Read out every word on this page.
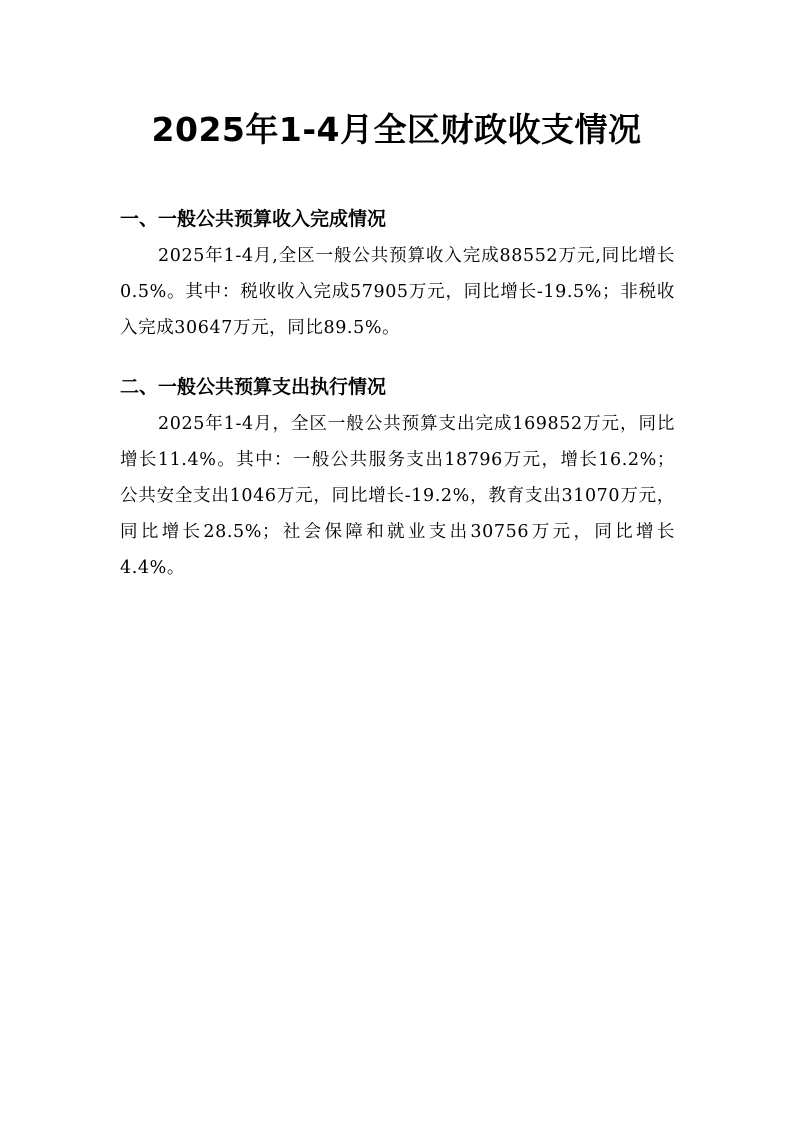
2025年1-4月全区财政收支情况
一、一般公共预算收入完成情况

2025年1-4月,全区一般公共预算收入完成88552万元,同比增长0.5%。其中：税收收入完成57905万元，同比增长-19.5%；非税收入完成30647万元，同比89.5%。

二、一般公共预算支出执行情况

2025年1-4月，全区一般公共预算支出完成169852万元，同比增长11.4%。其中：一般公共服务支出18796万元，增长16.2%；公共安全支出1046万元，同比增长-19.2%，教育支出31070万元，同比增长28.5%；社会保障和就业支出30756万元，同比增长4.4%。
